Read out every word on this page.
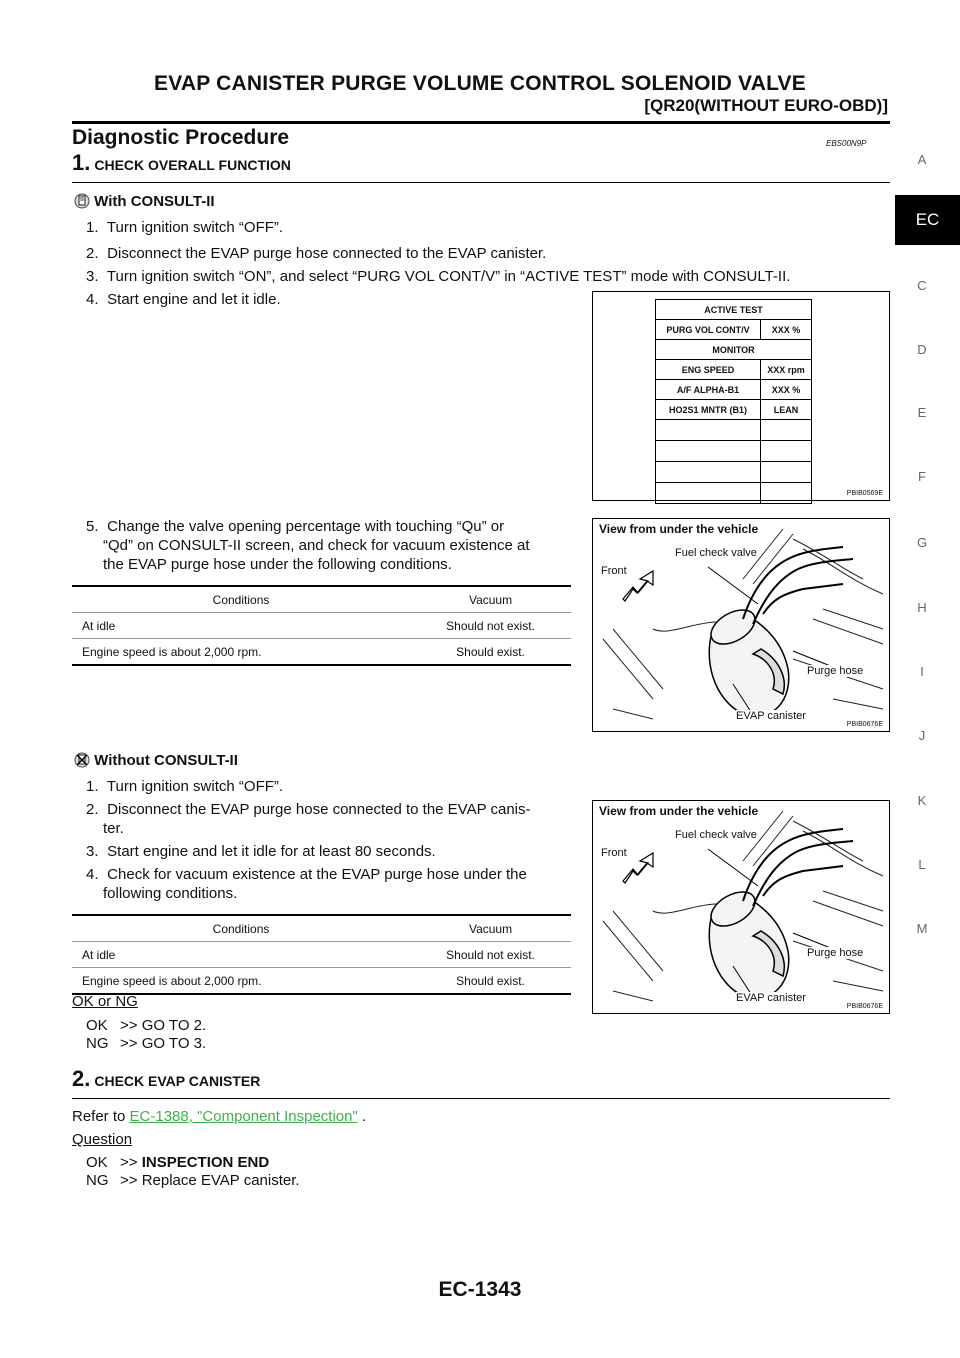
EVAP CANISTER PURGE VOLUME CONTROL SOLENOID VALVE
[QR20(WITHOUT EURO-OBD)]
A
EC
C
D
E
F
G
H
I
J
K
L
M
Diagnostic Procedure	EBS00N9P
1. CHECK OVERALL FUNCTION
With CONSULT-II
1. Turn ignition switch “OFF”.
2. Disconnect the EVAP purge hose connected to the EVAP canister.
3. Turn ignition switch “ON”, and select “PURG VOL CONT/V” in “ACTIVE TEST” mode with CONSULT-II.
4. Start engine and let it idle.
5. Change the valve opening percentage with touching “Qu” or
“Qd” on CONSULT-II screen, and check for vacuum existence at
the EVAP purge hose under the following conditions.
Conditions	Vacuum
At idle	Should not exist.
Engine speed is about 2,000 rpm.	Should exist.
Without CONSULT-II
1. Turn ignition switch “OFF”.
2. Disconnect the EVAP purge hose connected to the EVAP canis-
ter.
3. Start engine and let it idle for at least 80 seconds.
4. Check for vacuum existence at the EVAP purge hose under the
following conditions.
Conditions	Vacuum
At idle	Should not exist.
Engine speed is about 2,000 rpm.	Should exist.
OK or NG
OK >> GO TO 2.
NG >> GO TO 3.
2. CHECK EVAP CANISTER
Refer to EC-1388, "Component Inspection" .
Question
OK >> INSPECTION END
NG >> Replace EVAP canister.
ACTIVE TEST	
PURG VOL CONT/V	XXX %
MONITOR	
ENG SPEED	XXX rpm
A/F ALPHA-B1	XXX %
HO2S1 MNTR (B1)	LEAN

PBIB0569E
View from under the vehicle
Fuel check valve
Front
Purge hose
EVAP canister
PBIB0676E
View from under the vehicle
Fuel check valve
Front
Purge hose
EVAP canister
PBIB0676E
EC-1343
